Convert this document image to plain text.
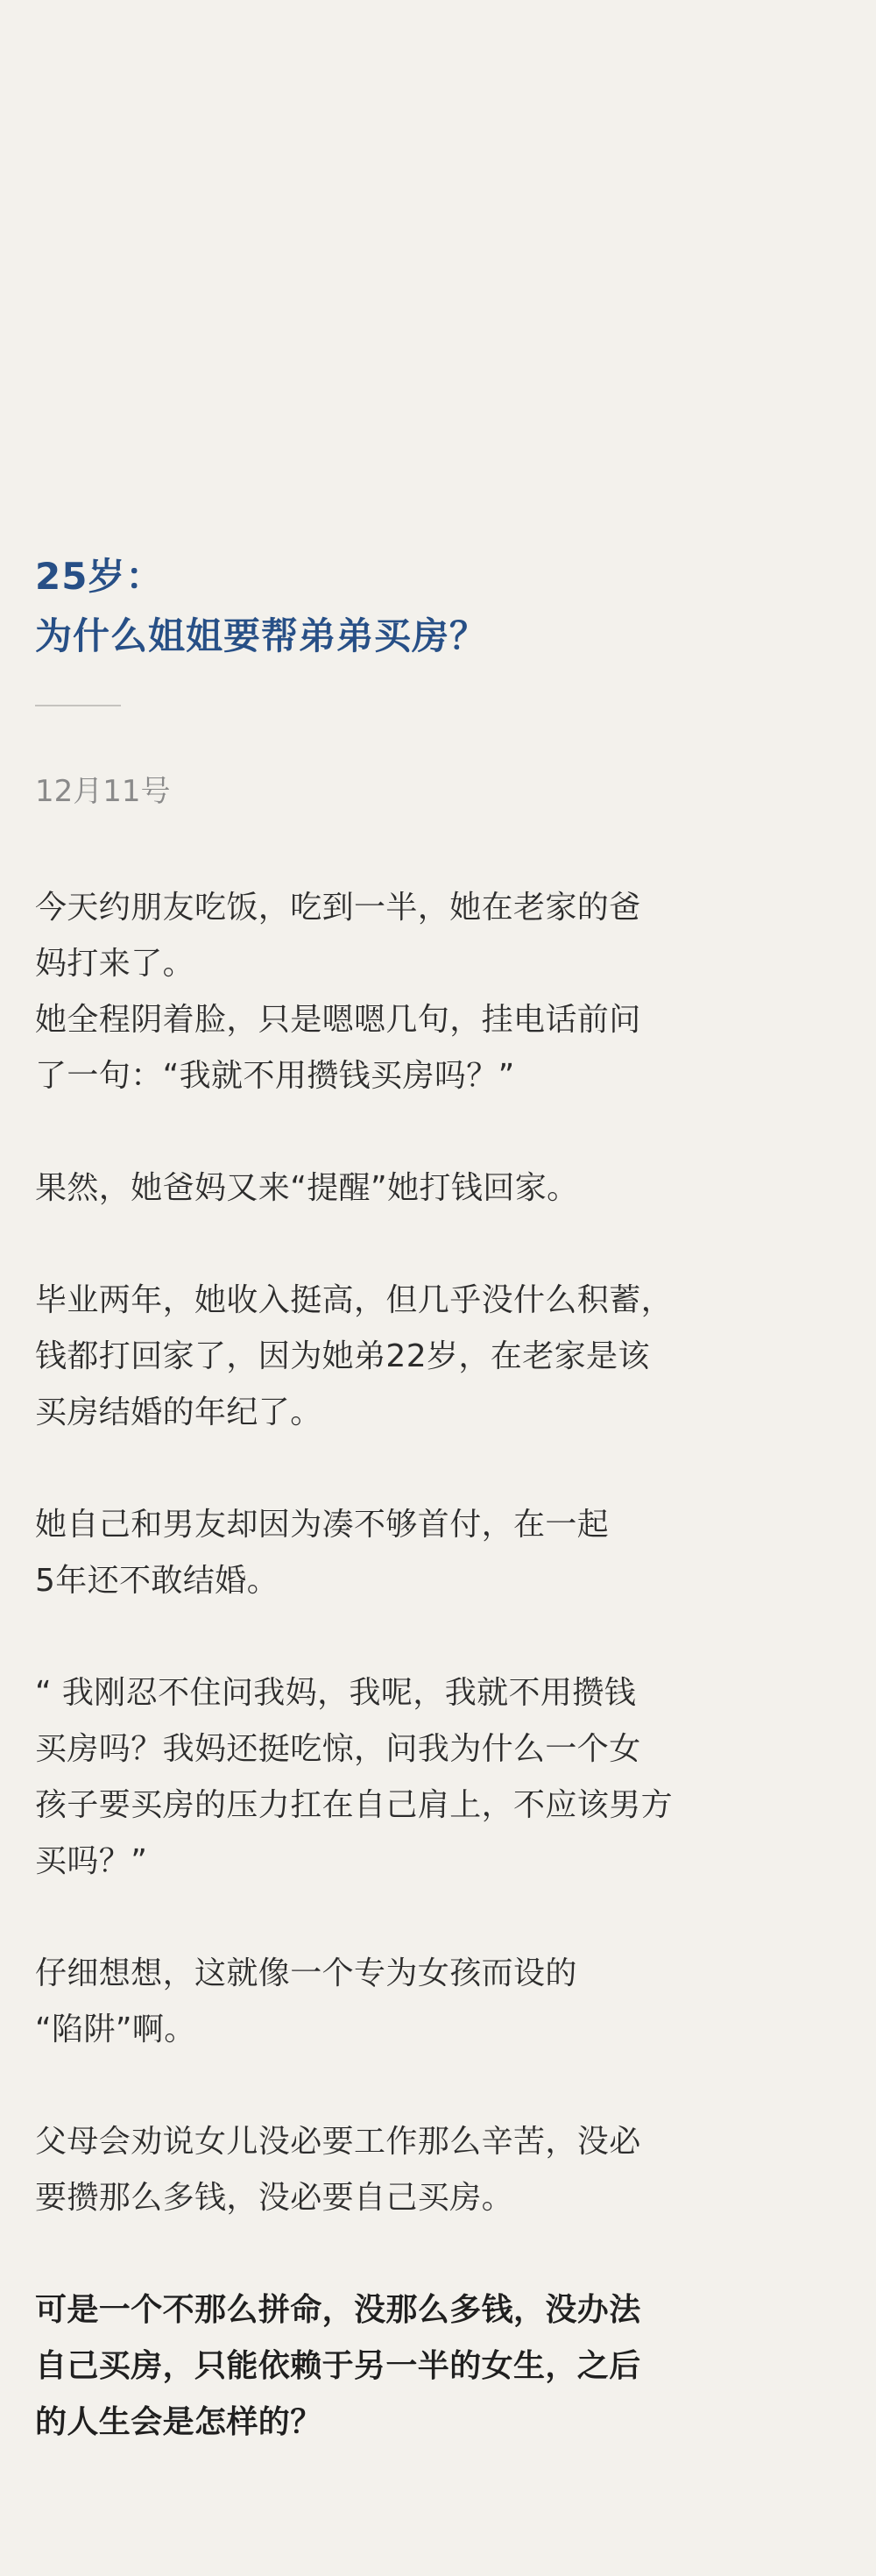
25岁：
为什么姐姐要帮弟弟买房？
12月11号

今天约朋友吃饭，吃到一半，她在老家的爸
妈打来了。
她全程阴着脸，只是嗯嗯几句，挂电话前问
了一句：“我就不用攒钱买房吗？”

果然，她爸妈又来“提醒”她打钱回家。

毕业两年，她收入挺高，但几乎没什么积蓄，
钱都打回家了，因为她弟22岁，在老家是该
买房结婚的年纪了。

她自己和男友却因为凑不够首付，在一起
5年还不敢结婚。

“ 我刚忍不住问我妈，我呢，我就不用攒钱
买房吗？我妈还挺吃惊，问我为什么一个女
孩子要买房的压力扛在自己肩上，不应该男方
买吗？”

仔细想想，这就像一个专为女孩而设的
“陷阱”啊。

父母会劝说女儿没必要工作那么辛苦，没必
要攒那么多钱，没必要自己买房。

可是一个不那么拼命，没那么多钱，没办法
自己买房，只能依赖于另一半的女生，之后
的人生会是怎样的？
